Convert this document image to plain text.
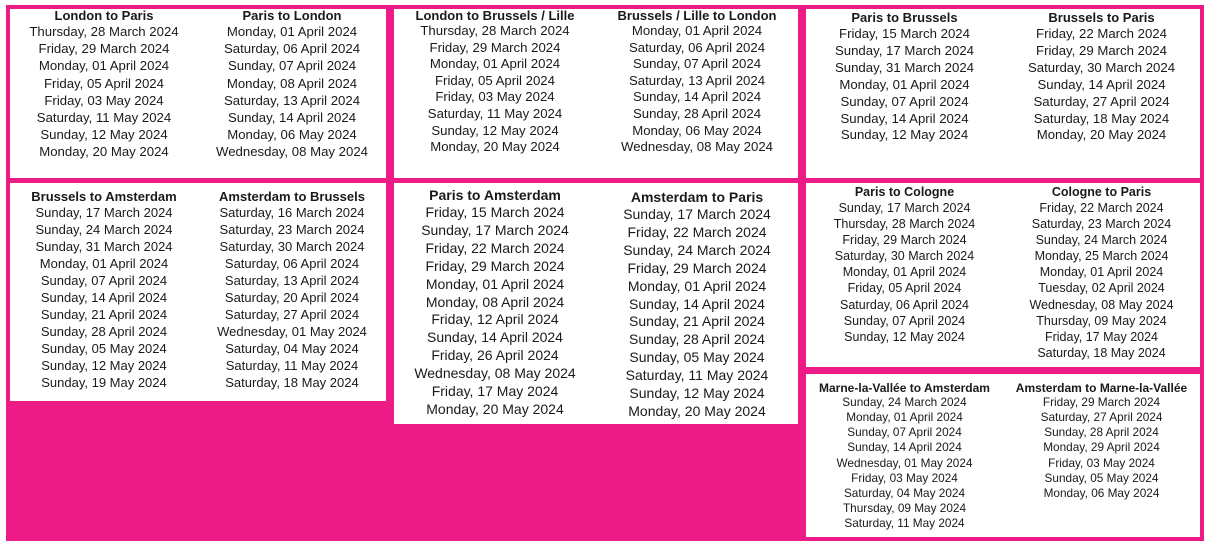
London to Paris
Thursday, 28 March 2024
Friday, 29 March 2024
Monday, 01 April 2024
Friday, 05 April 2024
Friday, 03 May 2024
Saturday, 11 May 2024
Sunday, 12 May 2024
Monday, 20 May 2024
Paris to London
Monday, 01 April 2024
Saturday, 06 April 2024
Sunday, 07 April 2024
Monday, 08 April 2024
Saturday, 13 April 2024
Sunday, 14 April 2024
Monday, 06 May 2024
Wednesday, 08 May 2024
London to Brussels / Lille
Thursday, 28 March 2024
Friday, 29 March 2024
Monday, 01 April 2024
Friday, 05 April 2024
Friday, 03 May 2024
Saturday, 11 May 2024
Sunday, 12 May 2024
Monday, 20 May 2024
Brussels / Lille to London
Monday, 01 April 2024
Saturday, 06 April 2024
Sunday, 07 April 2024
Saturday, 13 April 2024
Sunday, 14 April 2024
Sunday, 28 April 2024
Monday, 06 May 2024
Wednesday, 08 May 2024
Paris to Brussels
Friday, 15 March 2024
Sunday, 17 March 2024
Sunday, 31 March 2024
Monday, 01 April 2024
Sunday, 07 April 2024
Sunday, 14 April 2024
Sunday, 12 May 2024
Brussels to Paris
Friday, 22 March 2024
Friday, 29 March 2024
Saturday, 30 March 2024
Sunday, 14 April 2024
Saturday, 27 April 2024
Saturday, 18 May 2024
Monday, 20 May 2024
Brussels to Amsterdam
Sunday, 17 March 2024
Sunday, 24 March 2024
Sunday, 31 March 2024
Monday, 01 April 2024
Sunday, 07 April 2024
Sunday, 14 April 2024
Sunday, 21 April 2024
Sunday, 28 April 2024
Sunday, 05 May 2024
Sunday, 12 May 2024
Sunday, 19 May 2024
Amsterdam to Brussels
Saturday, 16 March 2024
Saturday, 23 March 2024
Saturday, 30 March 2024
Saturday, 06 April 2024
Saturday, 13 April 2024
Saturday, 20 April 2024
Saturday, 27 April 2024
Wednesday, 01 May 2024
Saturday, 04 May 2024
Saturday, 11 May 2024
Saturday, 18 May 2024
Paris to Amsterdam
Friday, 15 March 2024
Sunday, 17 March 2024
Friday, 22 March 2024
Friday, 29 March 2024
Monday, 01 April 2024
Monday, 08 April 2024
Friday, 12 April 2024
Sunday, 14 April 2024
Friday, 26 April 2024
Wednesday, 08 May 2024
Friday, 17 May 2024
Monday, 20 May 2024
Amsterdam to Paris
Sunday, 17 March 2024
Friday, 22 March 2024
Sunday, 24 March 2024
Friday, 29 March 2024
Monday, 01 April 2024
Sunday, 14 April 2024
Sunday, 21 April 2024
Sunday, 28 April 2024
Sunday, 05 May 2024
Saturday, 11 May 2024
Sunday, 12 May 2024
Monday, 20 May 2024
Paris to Cologne
Sunday, 17 March 2024
Thursday, 28 March 2024
Friday, 29 March 2024
Saturday, 30 March 2024
Monday, 01 April 2024
Friday, 05 April 2024
Saturday, 06 April 2024
Sunday, 07 April 2024
Sunday, 12 May 2024
Cologne to Paris
Friday, 22 March 2024
Saturday, 23 March 2024
Sunday, 24 March 2024
Monday, 25 March 2024
Monday, 01 April 2024
Tuesday, 02 April 2024
Wednesday, 08 May 2024
Thursday, 09 May 2024
Friday, 17 May 2024
Saturday, 18 May 2024
Marne-la-Vallée to Amsterdam
Sunday, 24 March 2024
Monday, 01 April 2024
Sunday, 07 April 2024
Sunday, 14 April 2024
Wednesday, 01 May 2024
Friday, 03 May 2024
Saturday, 04 May 2024
Thursday, 09 May 2024
Saturday, 11 May 2024
Amsterdam to Marne-la-Vallée
Friday, 29 March 2024
Saturday, 27 April 2024
Sunday, 28 April 2024
Monday, 29 April 2024
Friday, 03 May 2024
Sunday, 05 May 2024
Monday, 06 May 2024
